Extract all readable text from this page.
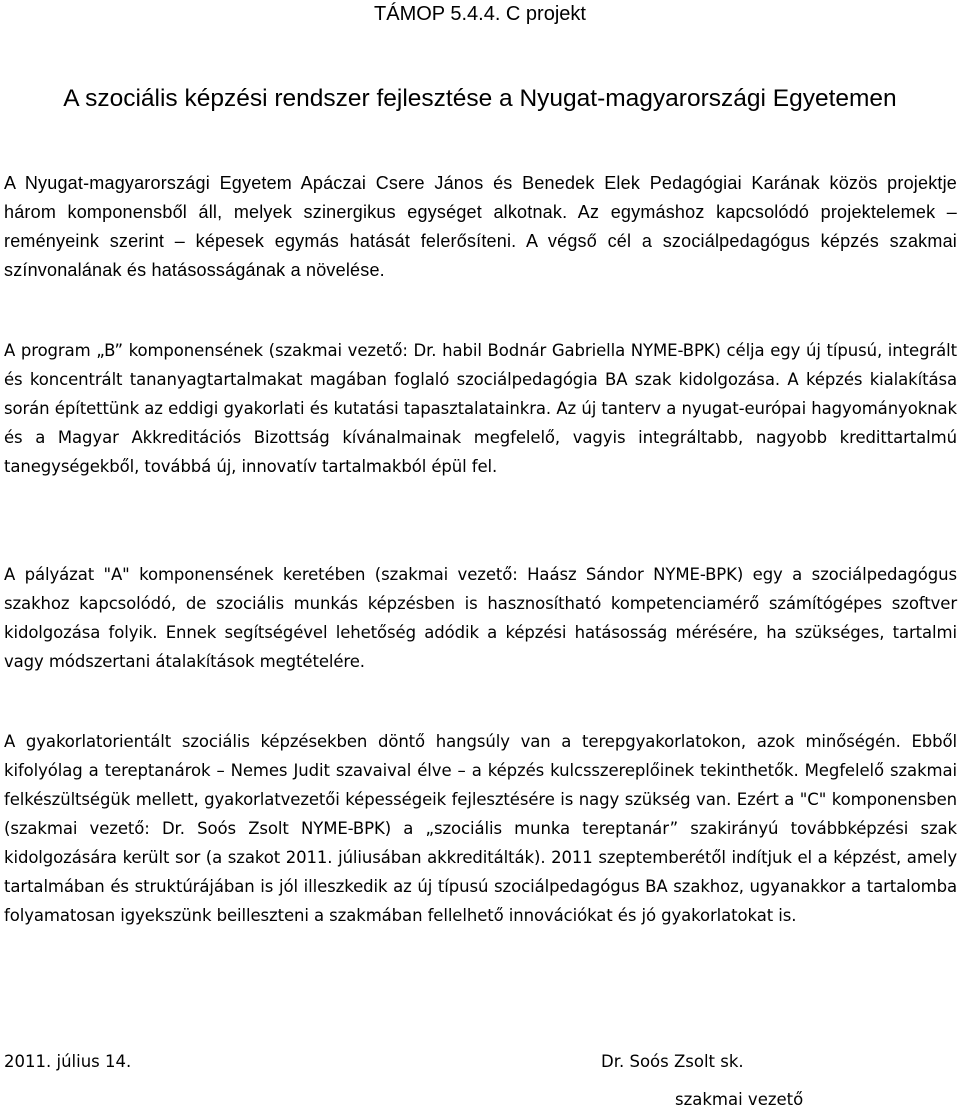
TÁMOP 5.4.4. C projekt
A szociális képzési rendszer fejlesztése a Nyugat-magyarországi Egyetemen

A Nyugat-magyarországi Egyetem Apáczai Csere János és Benedek Elek Pedagógiai Karának közös projektje három komponensből áll, melyek szinergikus egységet alkotnak. Az egymáshoz kapcsolódó projektelemek – reményeink szerint – képesek egymás hatását felerősíteni. A végső cél a szociálpedagógus képzés szakmai színvonalának és hatásosságának a növelése.

A program „B” komponensének (szakmai vezető: Dr. habil Bodnár Gabriella NYME-BPK) célja egy új típusú, integrált és koncentrált tananyagtartalmakat magában foglaló szociálpedagógia BA szak kidolgozása. A képzés kialakítása során építettünk az eddigi gyakorlati és kutatási tapasztalatainkra. Az új tanterv a nyugat-európai hagyományoknak és a Magyar Akkreditációs Bizottság kívánalmainak megfelelő, vagyis integráltabb, nagyobb kredittartalmú tanegységekből, továbbá új, innovatív tartalmakból épül fel.

A pályázat "A" komponensének keretében (szakmai vezető: Haász Sándor NYME-BPK) egy a szociálpedagógus szakhoz kapcsolódó, de szociális munkás képzésben is hasznosítható kompetenciamérő számítógépes szoftver kidolgozása folyik. Ennek segítségével lehetőség adódik a képzési hatásosság mérésére, ha szükséges, tartalmi vagy módszertani átalakítások megtételére.

A gyakorlatorientált szociális képzésekben döntő hangsúly van a terepgyakorlatokon, azok minőségén. Ebből kifolyólag a tereptanárok – Nemes Judit szavaival élve – a képzés kulcsszereplőinek tekinthetők. Megfelelő szakmai felkészültségük mellett, gyakorlatvezetői képességeik fejlesztésére is nagy szükség van. Ezért a "C" komponensben (szakmai vezető: Dr. Soós Zsolt NYME-BPK) a „szociális munka tereptanár” szakirányú továbbképzési szak kidolgozására került sor (a szakot 2011. júliusában akkreditálták). 2011 szeptemberétől indítjuk el a képzést, amely tartalmában és struktúrájában is jól illeszkedik az új típusú szociálpedagógus BA szakhoz, ugyanakkor a tartalomba folyamatosan igyekszünk beilleszteni a szakmában fellelhető innovációkat és jó gyakorlatokat is.

2011. július 14.	Dr. Soós Zsolt sk.
szakmai vezető
